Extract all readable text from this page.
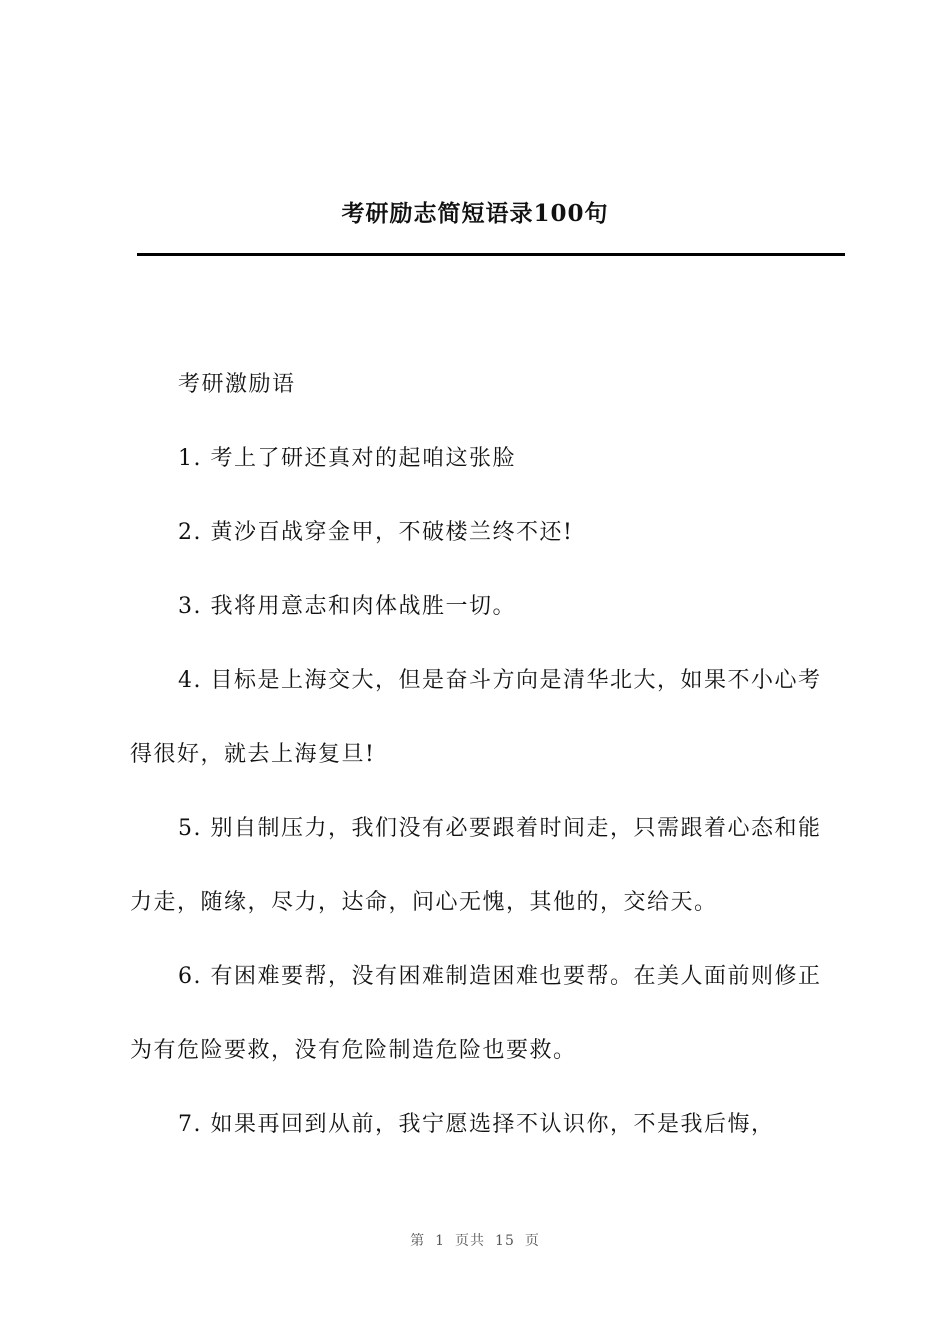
考研励志简短语录100句

考研激励语

1. 考上了研还真对的起咱这张脸

2. 黄沙百战穿金甲，不破楼兰终不还!

3. 我将用意志和肉体战胜一切。

4. 目标是上海交大，但是奋斗方向是清华北大，如果不小心考得很好，就去上海复旦!

5. 别自制压力，我们没有必要跟着时间走，只需跟着心态和能力走，随缘，尽力，达命，问心无愧，其他的，交给天。

6. 有困难要帮，没有困难制造困难也要帮。在美人面前则修正为有危险要救，没有危险制造危险也要救。

7. 如果再回到从前，我宁愿选择不认识你，不是我后悔，

第 1 页共 15 页
